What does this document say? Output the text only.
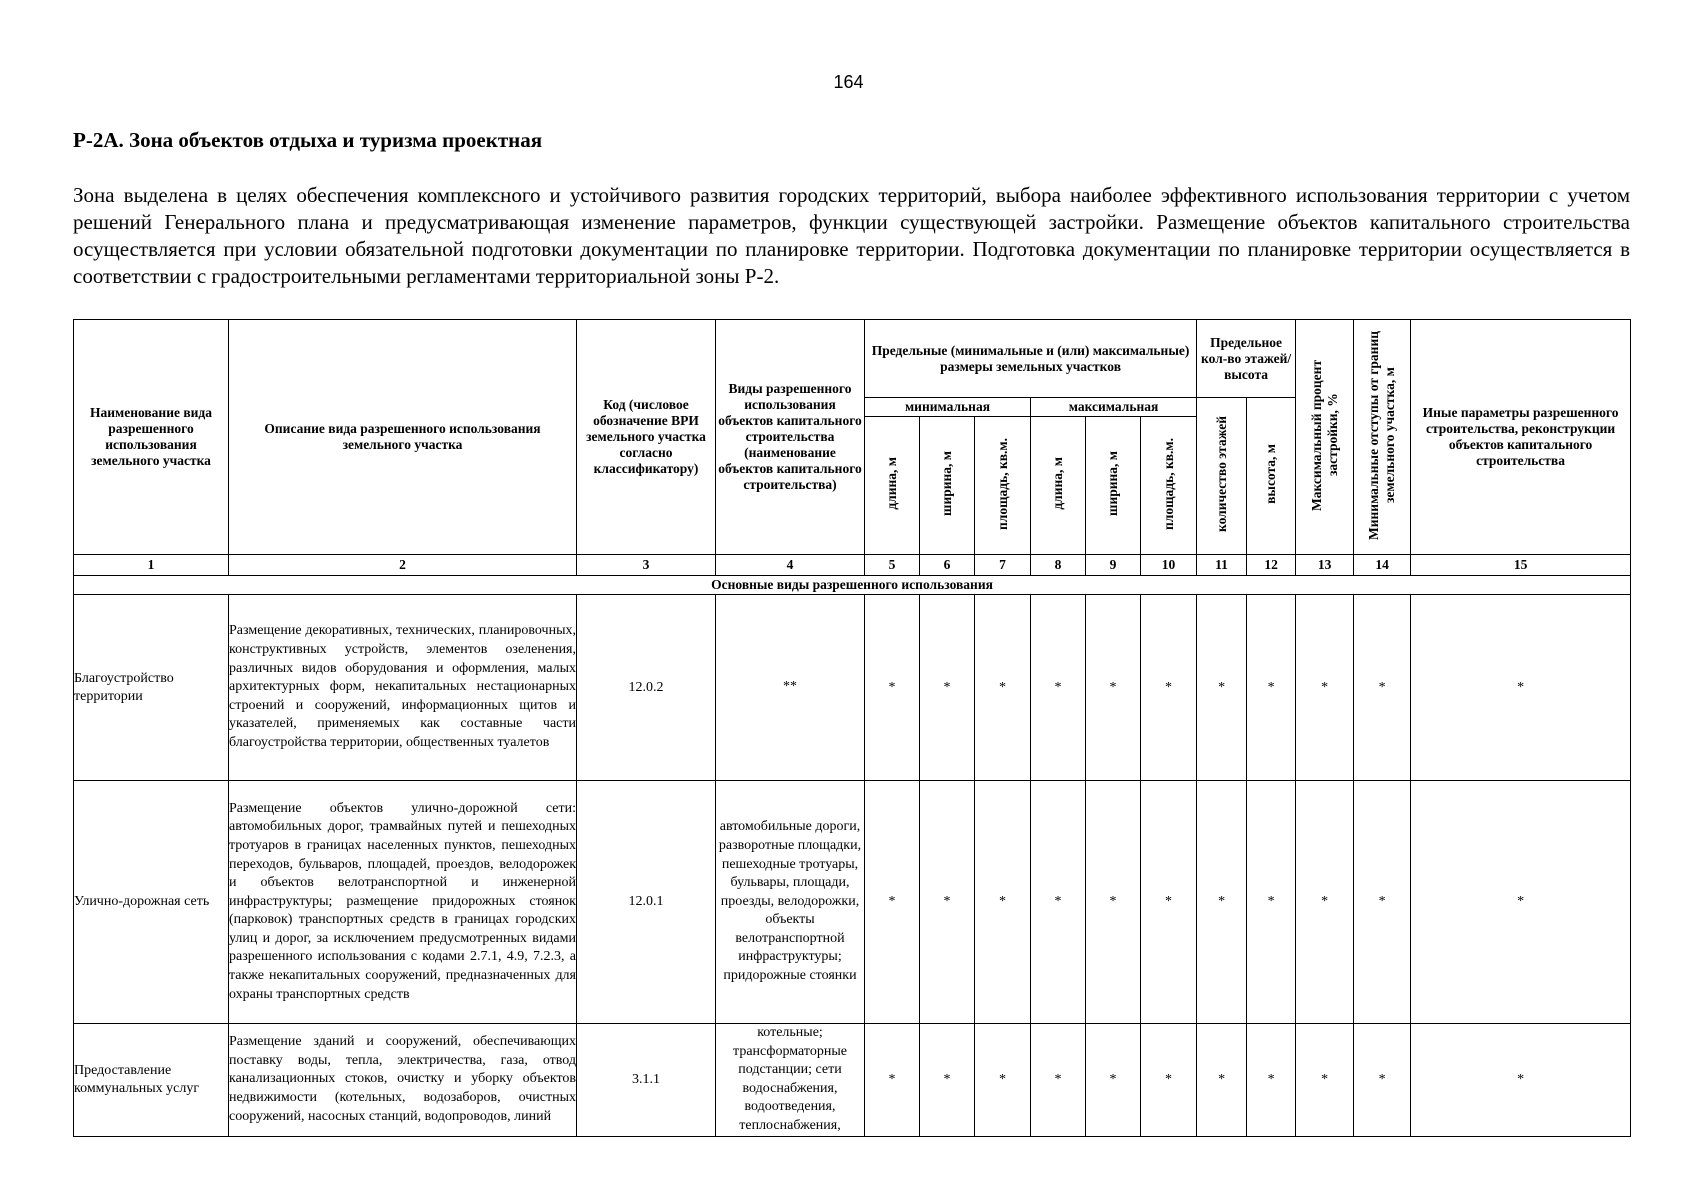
164
Р-2А. Зона объектов отдыха и туризма проектная

Зона выделена в целях обеспечения комплексного и устойчивого развития городских территорий, выбора наиболее эффективного использования территории с учетом решений Генерального плана и предусматривающая изменение параметров, функции существующей застройки. Размещение объектов капитального строительства осуществляется при условии обязательной подготовки документации по планировке территории. Подготовка документации по планировке территории осуществляется в соответствии с градостроительными регламентами территориальной зоны Р-2.

Наименование вида разрешенного использования земельного участка	Описание вида разрешенного использования земельного участка	Код (числовое обозначение ВРИ земельного участка согласно классификатору)	Виды разрешенного использования объектов капитального строительства (наименование объектов капитального строительства)	Предельные (минимальные и (или) максимальные) размеры земельных участков						Предельное кол-во этажей/ высота		Максимальный процент застройки, %	Минимальные отступы от границ земельного участка, м	Иные параметры разрешенного строительства, реконструкции объектов капитального строительства
				минимальная			максимальная			количество этажей	высота, м			
				длина, м	ширина, м	площадь, кв.м.	длина, м	ширина, м	площадь, кв.м.					
1	2	3	4	5	6	7	8	9	10	11	12	13	14	15
Основные виды разрешенного использования														
Благоустройство территории	Размещение декоративных, технических, планировочных, конструктивных устройств, элементов озеленения, различных видов оборудования и оформления, малых архитектурных форм, некапитальных нестационарных строений и сооружений, информационных щитов и указателей, применяемых как составные части благоустройства территории, общественных туалетов	12.0.2	**	*	*	*	*	*	*	*	*	*	*	*
Улично-дорожная сеть	Размещение объектов улично-дорожной сети: автомобильных дорог, трамвайных путей и пешеходных тротуаров в границах населенных пунктов, пешеходных переходов, бульваров, площадей, проездов, велодорожек и объектов велотранспортной и инженерной инфраструктуры; размещение придорожных стоянок (парковок) транспортных средств в границах городских улиц и дорог, за исключением предусмотренных видами разрешенного использования с кодами 2.7.1, 4.9, 7.2.3, а также некапитальных сооружений, предназначенных для охраны транспортных средств	12.0.1	автомобильные дороги, разворотные площадки, пешеходные тротуары, бульвары, площади, проезды, велодорожки, объекты велотранспортной инфраструктуры; придорожные стоянки	*	*	*	*	*	*	*	*	*	*	*
Предоставление коммунальных услуг	Размещение зданий и сооружений, обеспечивающих поставку воды, тепла, электричества, газа, отвод канализационных стоков, очистку и уборку объектов недвижимости (котельных, водозаборов, очистных сооружений, насосных станций, водопроводов, линий	3.1.1	котельные; трансформаторные подстанции; сети водоснабжения, водоотведения, теплоснабжения,	*	*	*	*	*	*	*	*	*	*	*
